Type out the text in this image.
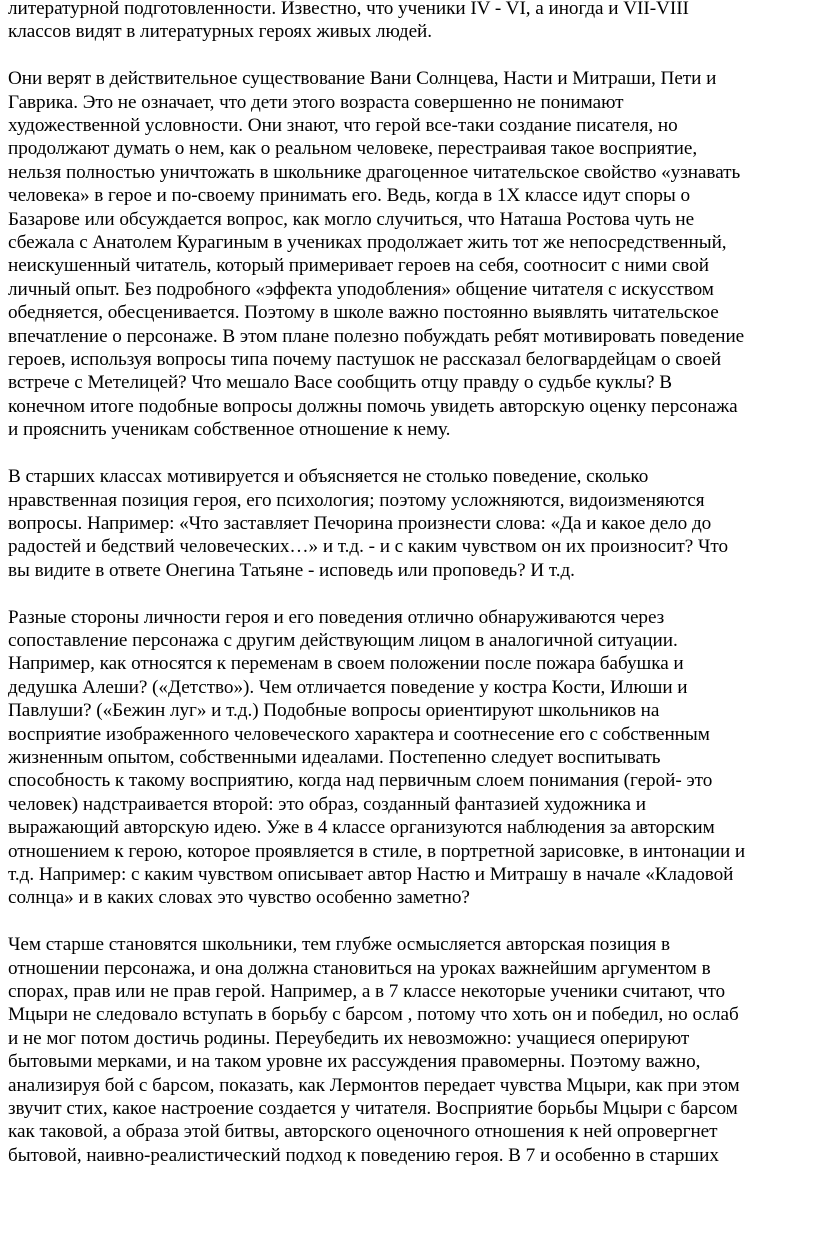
литературной подготовленности. Известно, что ученики IV - VI, а иногда и VII-VIII
классов видят в литературных героях живых людей.

Они верят в действительное существование Вани Солнцева, Насти и Митраши, Пети и
Гаврика. Это не означает, что дети этого возраста совершенно не понимают
художественной условности. Они знают, что герой все-таки создание писателя, но
продолжают думать о нем, как о реальном человеке, перестраивая такое восприятие,
нельзя полностью уничтожать в школьнике драгоценное читательское свойство «узнавать
человека» в герое и по-своему принимать его. Ведь, когда в 1Х классе идут споры о
Базарове или обсуждается вопрос, как могло случиться, что Наташа Ростова чуть не
сбежала с Анатолем Курагиным в учениках продолжает жить тот же непосредственный,
неискушенный читатель, который примеривает героев на себя, соотносит с ними свой
личный опыт. Без подробного «эффекта уподобления» общение читателя с искусством
обедняется, обесценивается. Поэтому в школе важно постоянно выявлять читательское
впечатление о персонаже. В этом плане полезно побуждать ребят мотивировать поведение
героев, используя вопросы типа почему пастушок не рассказал белогвардейцам о своей
встрече с Метелицей? Что мешало Васе сообщить отцу правду о судьбе куклы? В
конечном итоге подобные вопросы должны помочь увидеть авторскую оценку персонажа
и прояснить ученикам собственное отношение к нему.

В старших классах мотивируется и объясняется не столько поведение, сколько
нравственная позиция героя, его психология; поэтому усложняются, видоизменяются
вопросы. Например: «Что заставляет Печорина произнести слова: «Да и какое дело до
радостей и бедствий человеческих…» и т.д. - и с каким чувством он их произносит? Что
вы видите в ответе Онегина Татьяне - исповедь или проповедь? И т.д.

Разные стороны личности героя и его поведения отлично обнаруживаются через
сопоставление персонажа с другим действующим лицом в аналогичной ситуации.
Например, как относятся к переменам в своем положении после пожара бабушка и
дедушка Алеши? («Детство»). Чем отличается поведение у костра Кости, Илюши и
Павлуши? («Бежин луг» и т.д.) Подобные вопросы ориентируют школьников на
восприятие изображенного человеческого характера и соотнесение его с собственным
жизненным опытом, собственными идеалами. Постепенно следует воспитывать
способность к такому восприятию, когда над первичным слоем понимания (герой- это
человек) надстраивается второй: это образ, созданный фантазией художника и
выражающий авторскую идею. Уже в 4 классе организуются наблюдения за авторским
отношением к герою, которое проявляется в стиле, в портретной зарисовке, в интонации и
т.д. Например: с каким чувством описывает автор Настю и Митрашу в начале «Кладовой
солнца» и в каких словах это чувство особенно заметно?

Чем старше становятся школьники, тем глубже осмысляется авторская позиция в
отношении персонажа, и она должна становиться на уроках важнейшим аргументом в
спорах, прав или не прав герой. Например, а в 7 классе некоторые ученики считают, что
Мцыри не следовало вступать в борьбу с барсом , потому что хоть он и победил, но ослаб
и не мог потом достичь родины. Переубедить их невозможно: учащиеся оперируют
бытовыми мерками, и на таком уровне их рассуждения правомерны. Поэтому важно,
анализируя бой с барсом, показать, как Лермонтов передает чувства Мцыри, как при этом
звучит стих, какое настроение создается у читателя. Восприятие борьбы Мцыри с барсом
как таковой, а образа этой битвы, авторского оценочного отношения к ней опровергнет
бытовой, наивно-реалистический подход к поведению героя. В 7 и особенно в старших
